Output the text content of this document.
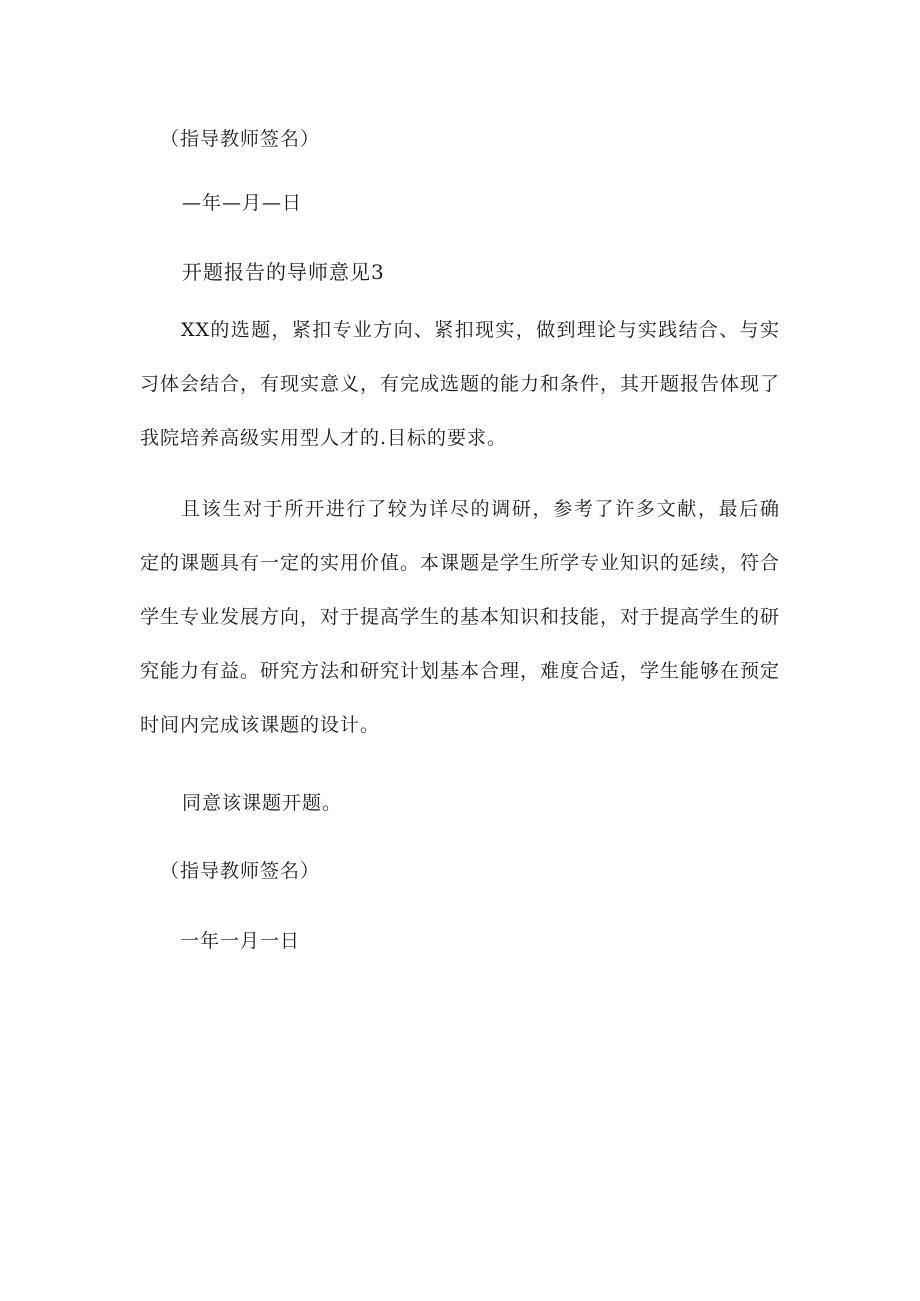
（指导教师签名）
—年—月—日
开题报告的导师意见3
XX的选题，紧扣专业方向、紧扣现实，做到理论与实践结合、与实习体会结合，有现实意义，有完成选题的能力和条件，其开题报告体现了我院培养高级实用型人才的.目标的要求。
且该生对于所开进行了较为详尽的调研，参考了许多文献，最后确定的课题具有一定的实用价值。本课题是学生所学专业知识的延续，符合学生专业发展方向，对于提高学生的基本知识和技能，对于提高学生的研究能力有益。研究方法和研究计划基本合理，难度合适，学生能够在预定时间内完成该课题的设计。
同意该课题开题。
（指导教师签名）
一年一月一日
